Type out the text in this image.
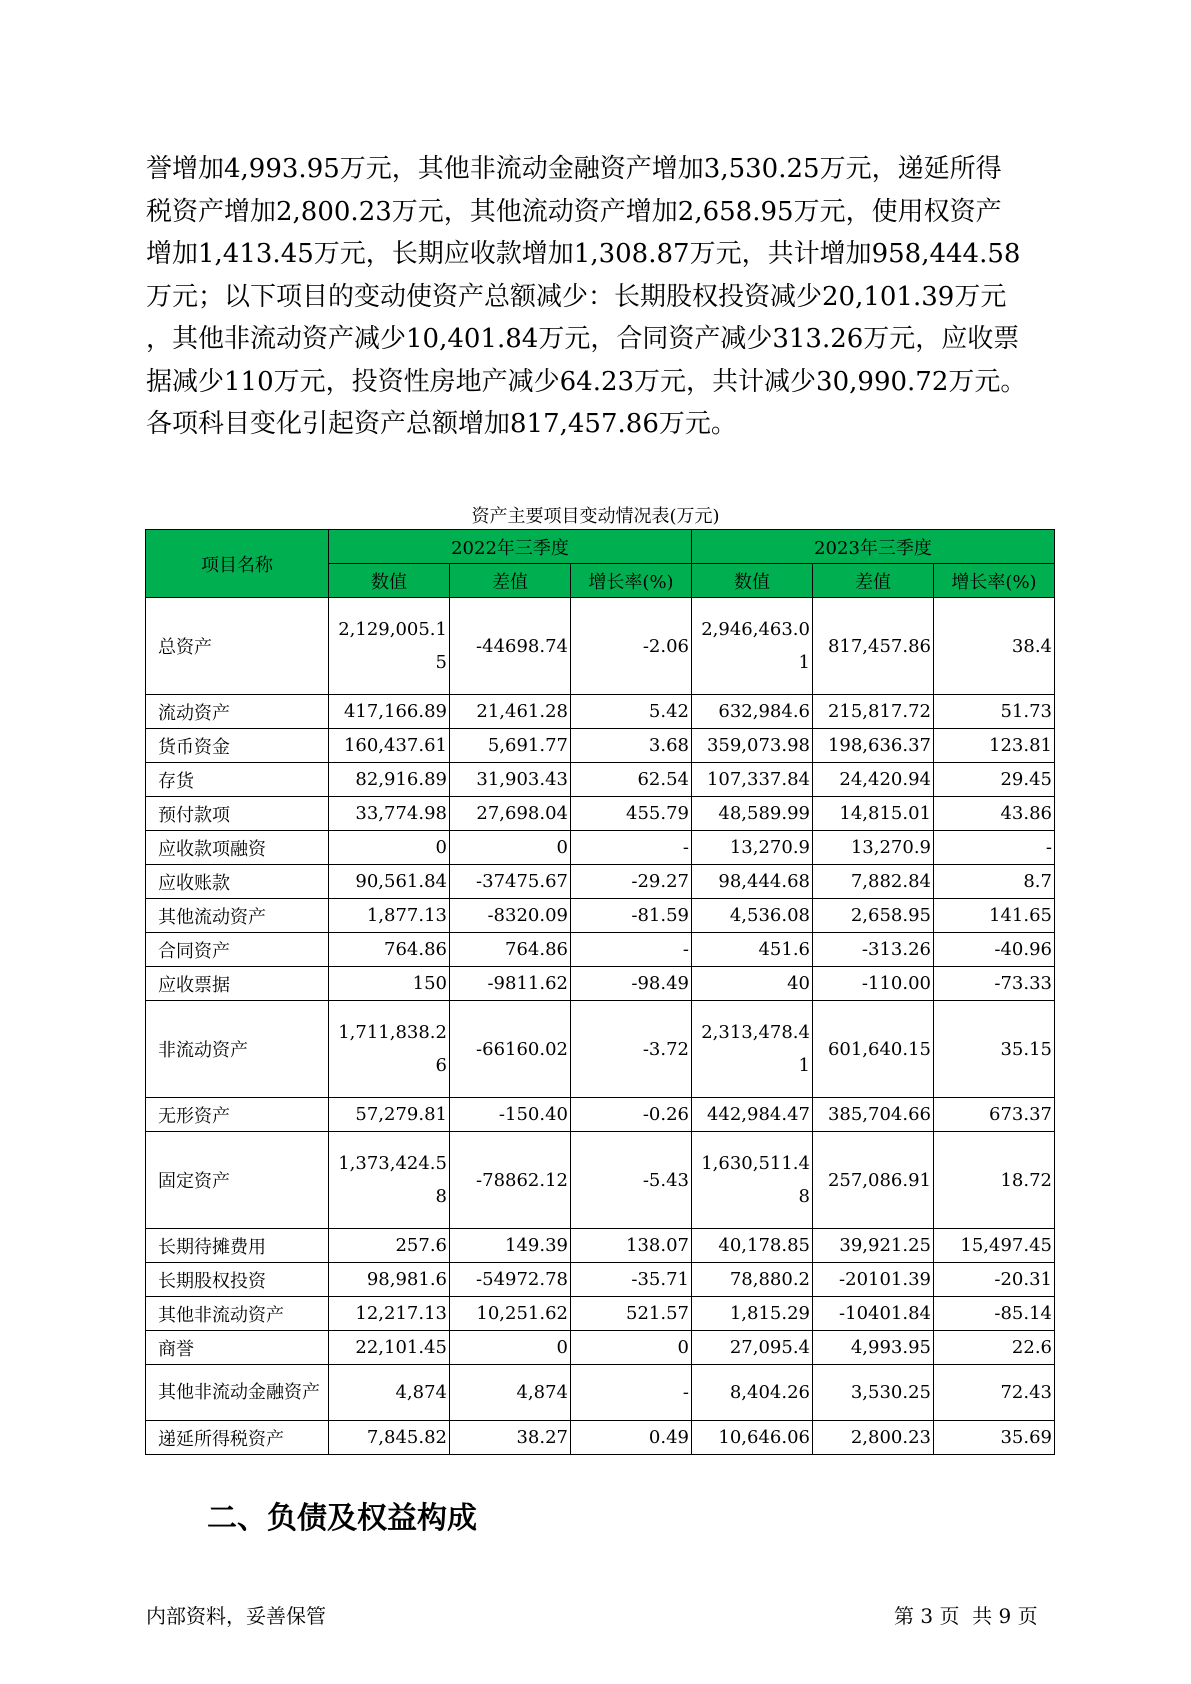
誉增加4,993.95万元，其他非流动金融资产增加3,530.25万元，递延所得

税资产增加2,800.23万元，其他流动资产增加2,658.95万元，使用权资产

增加1,413.45万元，长期应收款增加1,308.87万元，共计增加958,444.58

万元；以下项目的变动使资产总额减少：长期股权投资减少20,101.39万元

，其他非流动资产减少10,401.84万元，合同资产减少313.26万元，应收票

据减少110万元，投资性房地产减少64.23万元，共计减少30,990.72万元。

各项科目变化引起资产总额增加817,457.86万元。

资产主要项目变动情况表(万元)
项目名称	2022年三季度			2023年三季度		
	数值	差值	增长率(%)	数值	差值	增长率(%)
总资产	2,129,005.15	-44698.74	-2.06	2,946,463.01	817,457.86	38.4
流动资产	417,166.89	21,461.28	5.42	632,984.6	215,817.72	51.73
货币资金	160,437.61	5,691.77	3.68	359,073.98	198,636.37	123.81
存货	82,916.89	31,903.43	62.54	107,337.84	24,420.94	29.45
预付款项	33,774.98	27,698.04	455.79	48,589.99	14,815.01	43.86
应收款项融资	0	0	-	13,270.9	13,270.9	-
应收账款	90,561.84	-37475.67	-29.27	98,444.68	7,882.84	8.7
其他流动资产	1,877.13	-8320.09	-81.59	4,536.08	2,658.95	141.65
合同资产	764.86	764.86	-	451.6	-313.26	-40.96
应收票据	150	-9811.62	-98.49	40	-110.00	-73.33
非流动资产	1,711,838.26	-66160.02	-3.72	2,313,478.41	601,640.15	35.15
无形资产	57,279.81	-150.40	-0.26	442,984.47	385,704.66	673.37
固定资产	1,373,424.58	-78862.12	-5.43	1,630,511.48	257,086.91	18.72
长期待摊费用	257.6	149.39	138.07	40,178.85	39,921.25	15,497.45
长期股权投资	98,981.6	-54972.78	-35.71	78,880.2	-20101.39	-20.31
其他非流动资产	12,217.13	10,251.62	521.57	1,815.29	-10401.84	-85.14
商誉	22,101.45	0	0	27,095.4	4,993.95	22.6
其他非流动金融资产	4,874	4,874	-	8,404.26	3,530.25	72.43
递延所得税资产	7,845.82	38.27	0.49	10,646.06	2,800.23	35.69
二、负债及权益构成
内部资料，妥善保管	第 3 页  共 9 页
